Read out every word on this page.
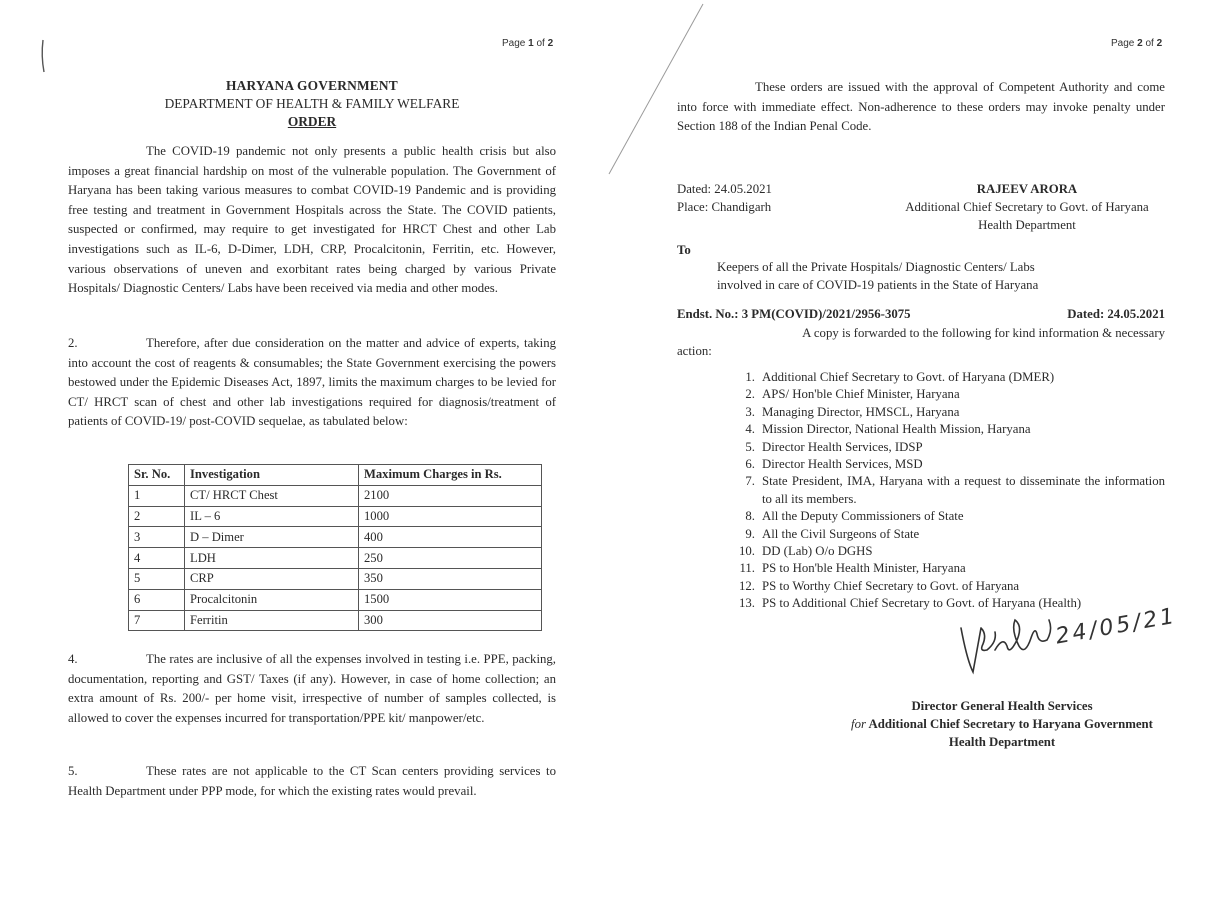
Page 1 of 2
HARYANA GOVERNMENT
DEPARTMENT OF HEALTH & FAMILY WELFARE
ORDER
The COVID-19 pandemic not only presents a public health crisis but also imposes a great financial hardship on most of the vulnerable population. The Government of Haryana has been taking various measures to combat COVID-19 Pandemic and is providing free testing and treatment in Government Hospitals across the State. The COVID patients, suspected or confirmed, may require to get investigated for HRCT Chest and other Lab investigations such as IL-6, D-Dimer, LDH, CRP, Procalcitonin, Ferritin, etc. However, various observations of uneven and exorbitant rates being charged by various Private Hospitals/ Diagnostic Centers/ Labs have been received via media and other modes.
2.	Therefore, after due consideration on the matter and advice of experts, taking into account the cost of reagents & consumables; the State Government exercising the powers bestowed under the Epidemic Diseases Act, 1897, limits the maximum charges to be levied for CT/ HRCT scan of chest and other lab investigations required for diagnosis/treatment of patients of COVID-19/ post-COVID sequelae, as tabulated below:
Sr. No.	Investigation	Maximum Charges in Rs.
1	CT/ HRCT Chest	2100
2	IL – 6	1000
3	D – Dimer	400
4	LDH	250
5	CRP	350
6	Procalcitonin	1500
7	Ferritin	300
4.	The rates are inclusive of all the expenses involved in testing i.e. PPE, packing, documentation, reporting and GST/ Taxes (if any). However, in case of home collection; an extra amount of Rs. 200/- per home visit, irrespective of number of samples collected, is allowed to cover the expenses incurred for transportation/PPE kit/ manpower/etc.
5.	These rates are not applicable to the CT Scan centers providing services to Health Department under PPP mode, for which the existing rates would prevail.
Page 2 of 2
These orders are issued with the approval of Competent Authority and come into force with immediate effect. Non-adherence to these orders may invoke penalty under Section 188 of the Indian Penal Code.
Dated: 24.05.2021
Place: Chandigarh
RAJEEV ARORA
Additional Chief Secretary to Govt. of Haryana
Health Department
To
Keepers of all the Private Hospitals/ Diagnostic Centers/ Labs
involved in care of COVID-19 patients in the State of Haryana
Endst. No.: 3 PM(COVID)/2021/2956-3075	Dated: 24.05.2021
A copy is forwarded to the following for kind information & necessary
action:
1. Additional Chief Secretary to Govt. of Haryana (DMER)
2. APS/ Hon'ble Chief Minister, Haryana
3. Managing Director, HMSCL, Haryana
4. Mission Director, National Health Mission, Haryana
5. Director Health Services, IDSP
6. Director Health Services, MSD
7. State President, IMA, Haryana with a request to disseminate the information to all its members.
8. All the Deputy Commissioners of State
9. All the Civil Surgeons of State
10. DD (Lab) O/o DGHS
11. PS to Hon'ble Health Minister, Haryana
12. PS to Worthy Chief Secretary to Govt. of Haryana
13. PS to Additional Chief Secretary to Govt. of Haryana (Health)
24/05/21
Director General Health Services
for Additional Chief Secretary to Haryana Government
Health Department
